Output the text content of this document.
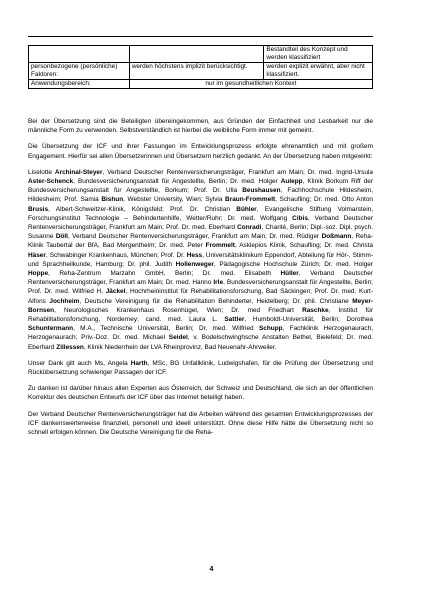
		Bestandteil des Konzept und werden klassifiziert
personbezogene (persönliche) Faktoren:	werden höchstens implizit berücksichtigt.	werden explizit erwähnt, aber nicht klassifiziert.
Anwendungsbereich:	nur im gesundheitlichen Kontext	

Bei der Übersetzung sind die Beteiligten übereingekommen, aus Gründen der Einfachheit und Lesbarkeit nur die männliche Form zu verwenden. Selbstverständlich ist hierbei die weibliche Form immer mit gemeint.

Die Übersetzung der ICF und ihrer Fassungen im Entwicklungsprozess erfolgte ehrenamtlich und mit großem Engagement. Hierfür sei allen Übersetzerinnen und Übersetzern herzlich gedankt. An der Übersetzung haben mitgewirkt:

Liselotte Archinal-Steyer, Verband Deutscher Rentenversicherungsträger, Frankfurt am Main; Dr. med. Ingrid-Ursula Aster-Schenck, Bundesversicherungsanstalt für Angestellte, Berlin; Dr. med. Holger Aulepp, Klinik Borkum Riff der Bundesversicherungsanstalt für Angestellte, Borkum; Prof. Dr. Ulla Beushausen, Fachhochschule Hildesheim, Hildesheim; Prof. Samia Bishun, Webster University, Wien; Sylvia Braun-Frommelt, Schaufling; Dr. med. Otto Anton Brusis, Albert-Schweitzer-Klinik, Königsfeld; Prof. Dr. Christian Bühler, Evangelische Stiftung Volmarstein, Forschungsinstitut Technologie – Behindertenhilfe, Wetter/Ruhr; Dr. med. Wolfgang Cibis, Verband Deutscher Rentenversicherungsträger, Frankfurt am Main; Prof. Dr. med. Eberhard Conradi, Charité, Berlin; Dipl.-soz. Dipl. psych. Susanne Döll, Verband Deutscher Rentenversicherungsträger, Frankfurt am Main; Dr. med. Rüdiger Doßmann, Reha-Klinik Taubertal der BfA, Bad Mergentheim; Dr. med. Peter Frommelt, Asklepios Klinik, Schaufling; Dr. med. Christa Häser, Schwabinger Krankenhaus, München; Prof. Dr. Hess, Universitätsklinikum Eppendorf, Abteilung für Hör-, Stimm- und Sprachheilkunde, Hamburg; Dr. phil. Judith Hollenweger, Pädagogische Hochschule Zürich; Dr. med. Holger Hoppe, Reha-Zentrum Marzahn GmbH, Berlin; Dr. med. Elisabeth Hüller, Verband Deutscher Rentenversicherungsträger, Frankfurt am Main; Dr. med. Hanno Irle, Bundesversicherungsanstalt für Angestellte, Berlin; Prof. Dr. med. Wilfried H. Jäckel, Hochrheininstitut für Rehabilitationsforschung, Bad Säckingen; Prof. Dr. med. Kurt-Alfons Jochheim, Deutsche Vereinigung für die Rehabilitation Behinderter, Heidelberg; Dr. phil. Christiane Meyer-Bornsen, Neurologisches Krankenhaus Rosenhügel, Wien; Dr. med Friedhart Raschke, Institut für Rehabilitationsforschung, Norderney; cand. med. Laura L. Sattler, Humboldt-Universität, Berlin; Dorothea Schuntermann, M.A., Technische Universität, Berlin; Dr. med. Wilfried Schupp, Fachklinik Herzogenaurach, Herzogenaurach; Priv.-Doz. Dr. med. Michael Seidel, v. Bodelschwinghsche Anstalten Bethel, Bielefeld; Dr. med. Eberhard Zillessen, Klinik Niederrhein der LVA Rheinprovinz, Bad Neuenahr-Ahrweiler.

Unser Dank gilt auch Ms, Angela Harth, MSc, BG Unfallklinik, Ludwigshafen, für die Prüfung der Übersetzung und Rückübersetzung schwieriger Passagen der ICF.

Zu danken ist darüber hinaus allen Experten aus Österreich, der Schweiz und Deutschland, die sich an der öffentlichen Korrektur des deutschen Entwurfs der ICF über das Internet beteiligt haben.

Der Verband Deutscher Rentenversicherungsträger hat die Arbeiten während des gesamten Entwicklungsprozesses der ICF dankenswerterweise finanziell, personell und ideell unterstützt. Ohne diese Hilfe hätte die Übersetzung nicht so schnell erfolgen können. Die Deutsche Vereinigung für die Reha-

4
